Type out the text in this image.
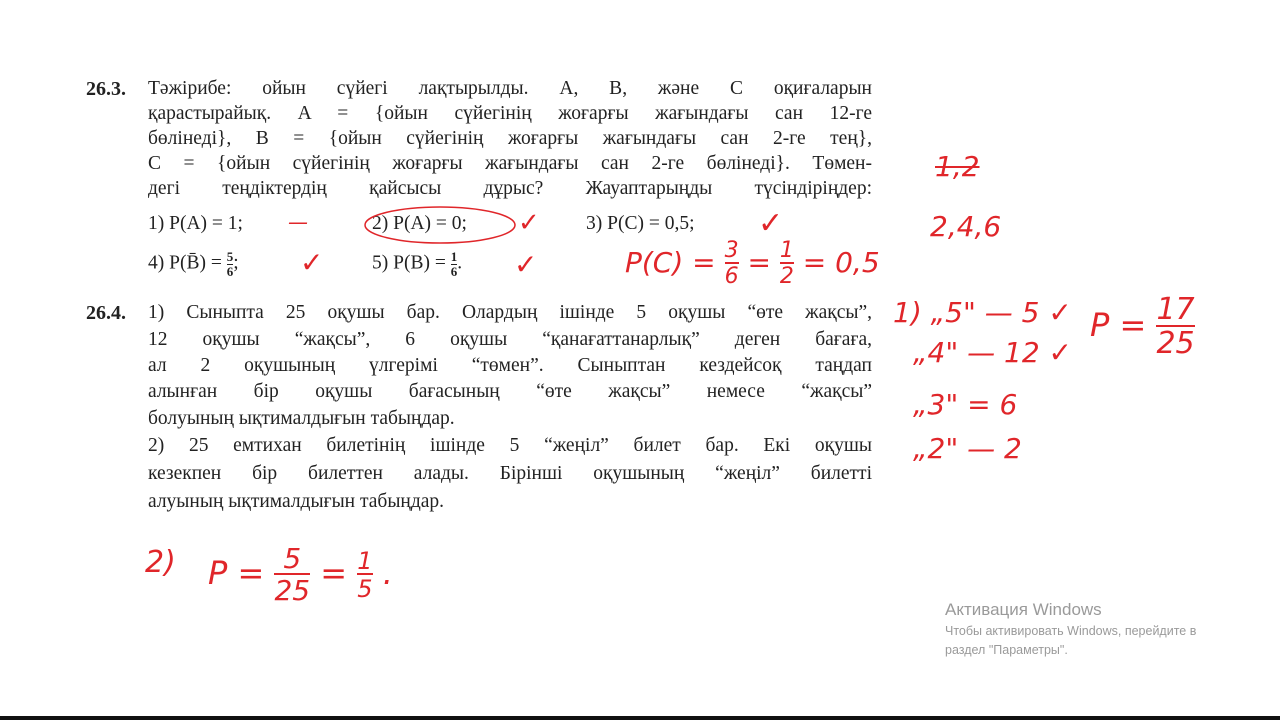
26.3. Тәжірибе: ойын сүйегі лақтырылды. A, B, және C оқиғаларын
қарастырайық. A = {ойын сүйегінің жоғарғы жағындағы сан 12-ге
бөлінеді}, B = {ойын сүйегінің жоғарғы жағындағы сан 2-ге тең},
C = {ойын сүйегінің жоғарғы жағындағы сан 2-ге бөлінеді}. Төмен-
дегі теңдіктердің қайсысы дұрыс? Жауаптарыңды түсіндіріңдер:
1) P(A) = 1;	2) P(A) = 0;	3) P(C) = 0,5;
4) P(B̄) = $\frac{5}{6}$ ;	5) $P(B) = \frac{1}{6}$ .
26.4. 1) Сыныпта 25 оқушы бар. Олардың ішінде 5 оқушы “өте жақсы”,
12 оқушы “жақсы”, 6 оқушы “қанағаттанарлық” деген бағаға,
ал 2 оқушының үлгерімі “төмен”. Сыныптан кездейсоқ таңдап
алынған бір оқушы бағасының “өте жақсы” немесе “жақсы”
болуының ықтималдығын табыңдар.
2) 25 емтихан билетінің ішінде 5 “жеңіл” билет бар. Екі оқушы
кезекпен бір билеттен алады. Бірінші оқушының “жеңіл” билетті
алуының ықтималдығын табыңдар.
—	✓	✓
✓	✓	$P(C) = \frac{3}{6} = \frac{1}{2} = 0,5$
1,2
2,4,6
1) „5" — 5 ✓
„4" — 12 ✓
„3" = 6
„2" — 2
$P = \frac{17}{25}$
2) $P = \frac{5}{25} = \frac{1}{5}$ .
Активация Windows
Чтобы активировать Windows, перейдите в
раздел "Параметры".
